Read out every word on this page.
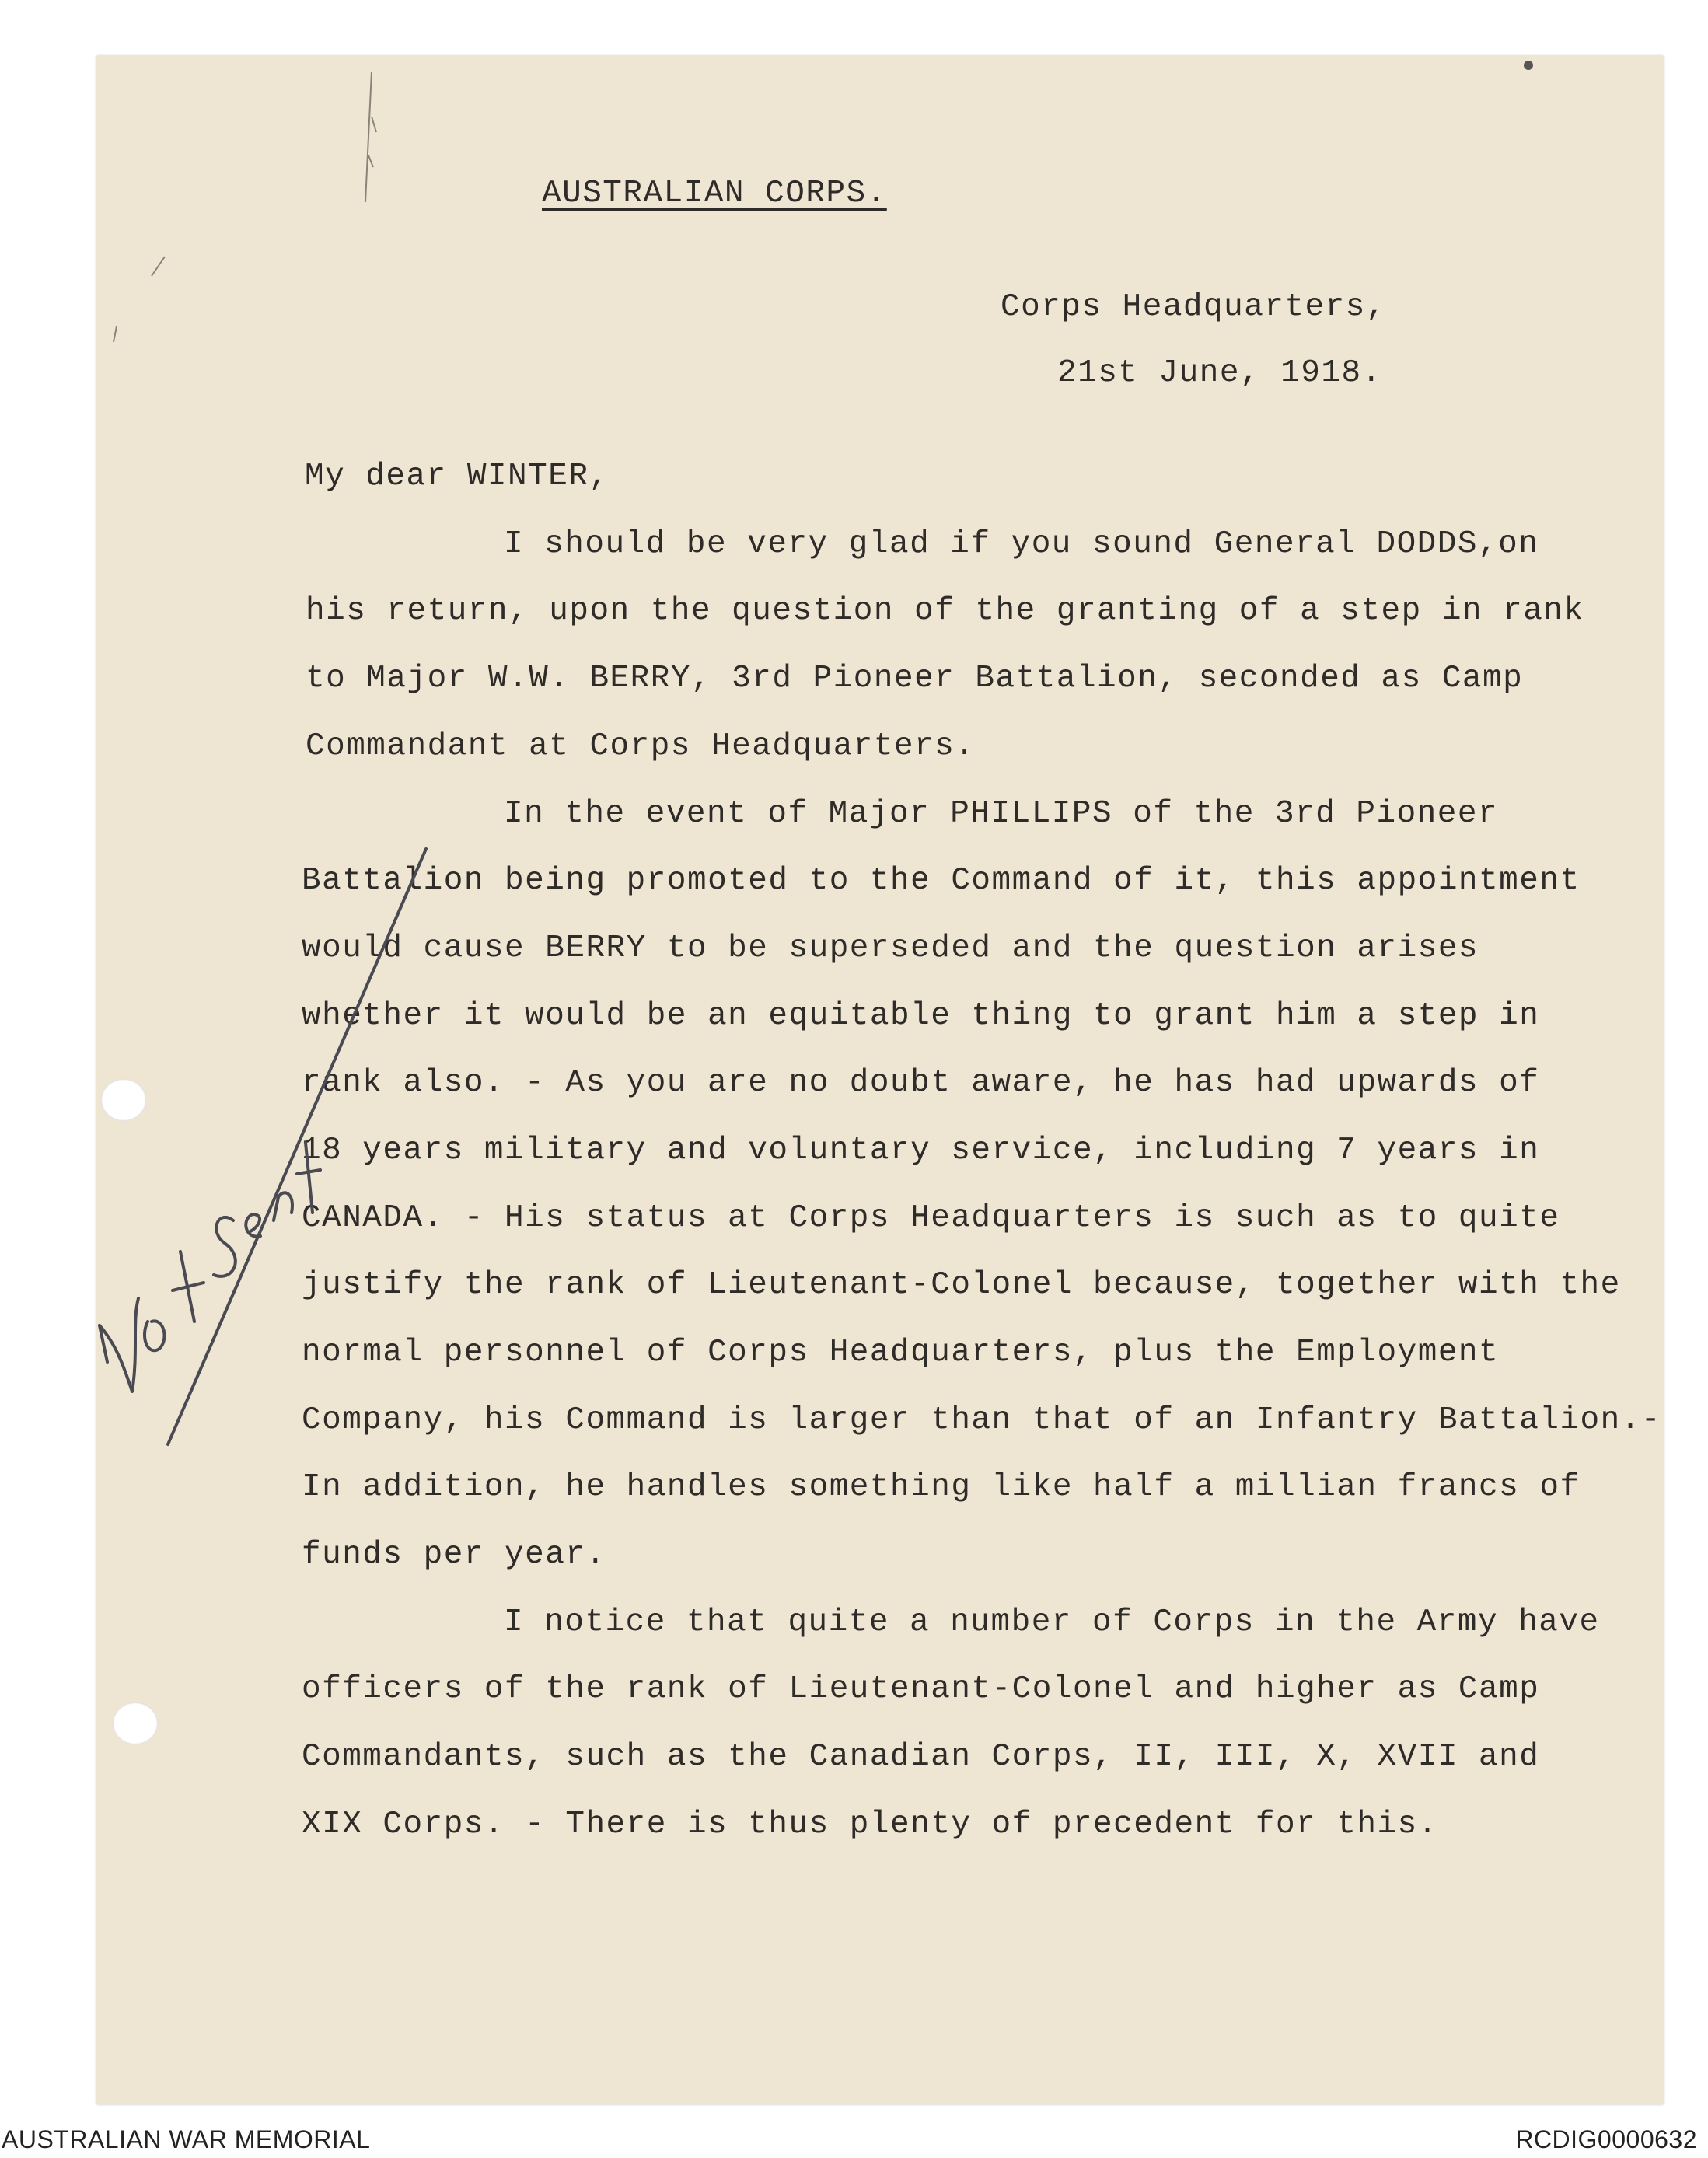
AUSTRALIAN CORPS.
Corps Headquarters,
21st June, 1918.
My dear WINTER,
I should be very glad if you sound General DODDS,on
his return, upon the question of the granting of a step in rank
to Major W.W. BERRY, 3rd Pioneer Battalion, seconded as Camp
Commandant at Corps Headquarters.
In the event of Major PHILLIPS of the 3rd Pioneer
Battalion being promoted to the Command of it, this appointment
would cause BERRY to be superseded and the question arises
whether it would be an equitable thing to grant him a step in
rank also. - As you are no doubt aware, he has had upwards of
18 years military and voluntary service, including 7 years in
CANADA. - His status at Corps Headquarters is such as to quite
justify the rank of Lieutenant-Colonel because, together with the
normal personnel of Corps Headquarters, plus the Employment
Company, his Command is larger than that of an Infantry Battalion.-
In addition, he handles something like half a millian francs of
funds per year.
I notice that quite a number of Corps in the Army have
officers of the rank of Lieutenant-Colonel and higher as Camp
Commandants, such as the Canadian Corps, II, III, X, XVII and
XIX Corps. - There is thus plenty of precedent for this.
AUSTRALIAN WAR MEMORIAL	RCDIG0000632
